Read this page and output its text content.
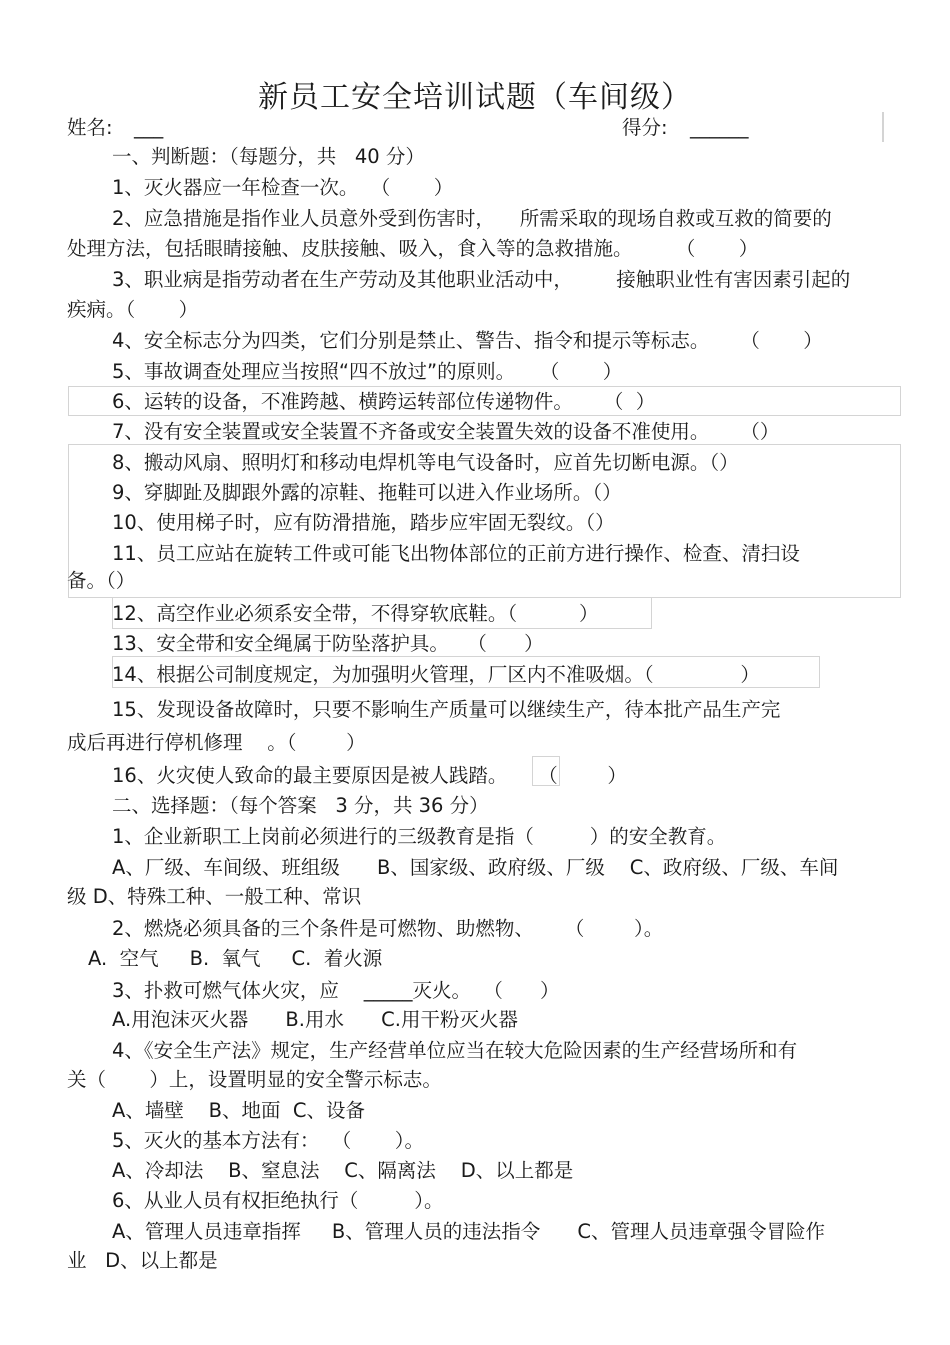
新员工安全培训试题（车间级）
姓名: ___	得分: ______
一、判断题：（每题分，共   40 分）
1、灭火器应一年检查一次。  （       ）
2、应急措施是指作业人员意外受到伤害时，    所需采取的现场自救或互救的简要的
处理方法，包括眼睛接触、皮肤接触、吸入，食入等的急救措施。       （       ）
3、职业病是指劳动者在生产劳动及其他职业活动中，       接触职业性有害因素引起的
疾病。（       ）
4、安全标志分为四类，它们分别是禁止、警告、指令和提示等标志。     （       ）
5、事故调查处理应当按照“四不放过”的原则。    （       ）
6、运转的设备，不准跨越、横跨运转部位传递物件。     （  ）
7、没有安全装置或安全装置不齐备或安全装置失效的设备不准使用。     （）
8、搬动风扇、照明灯和移动电焊机等电气设备时，应首先切断电源。（）
9、穿脚趾及脚跟外露的凉鞋、拖鞋可以进入作业场所。（）
10、使用梯子时，应有防滑措施，踏步应牢固无裂纹。（）
11、员工应站在旋转工件或可能飞出物体部位的正前方进行操作、检查、清扫设
备。（）
12、高空作业必须系安全带，不得穿软底鞋。（          ）
13、安全带和安全绳属于防坠落护具。   （      ）
14、根据公司制度规定，为加强明火管理，厂区内不准吸烟。（              ）
15、发现设备故障时，只要不影响生产质量可以继续生产，待本批产品生产完
成后再进行停机修理    。（        ）
16、火灾使人致命的最主要原因是被人践踏。     （        ）
二、选择题：（每个答案   3 分，共 36 分）
1、企业新职工上岗前必须进行的三级教育是指（         ）的安全教育。
A、厂级、车间级、班组级      B、国家级、政府级、厂级    C、政府级、厂级、车间
级 D、特殊工种、一般工种、常识
2、燃烧必须具备的三个条件是可燃物、助燃物、     （        ）。
A.  空气     B.  氧气     C.  着火源
3、扑救可燃气体火灾，应    _____灭火。  （      ）
A.用泡沫灭火器      B.用水      C.用干粉灭火器
4、《安全生产法》规定，生产经营单位应当在较大危险因素的生产经营场所和有
关（       ）上，设置明显的安全警示标志。
A、墙壁    B、地面  C、设备
5、灭火的基本方法有：  （       ）。
A、冷却法    B、窒息法    C、隔离法    D、以上都是
6、从业人员有权拒绝执行（         ）。
A、管理人员违章指挥     B、管理人员的违法指令      C、管理人员违章强令冒险作
业   D、以上都是
